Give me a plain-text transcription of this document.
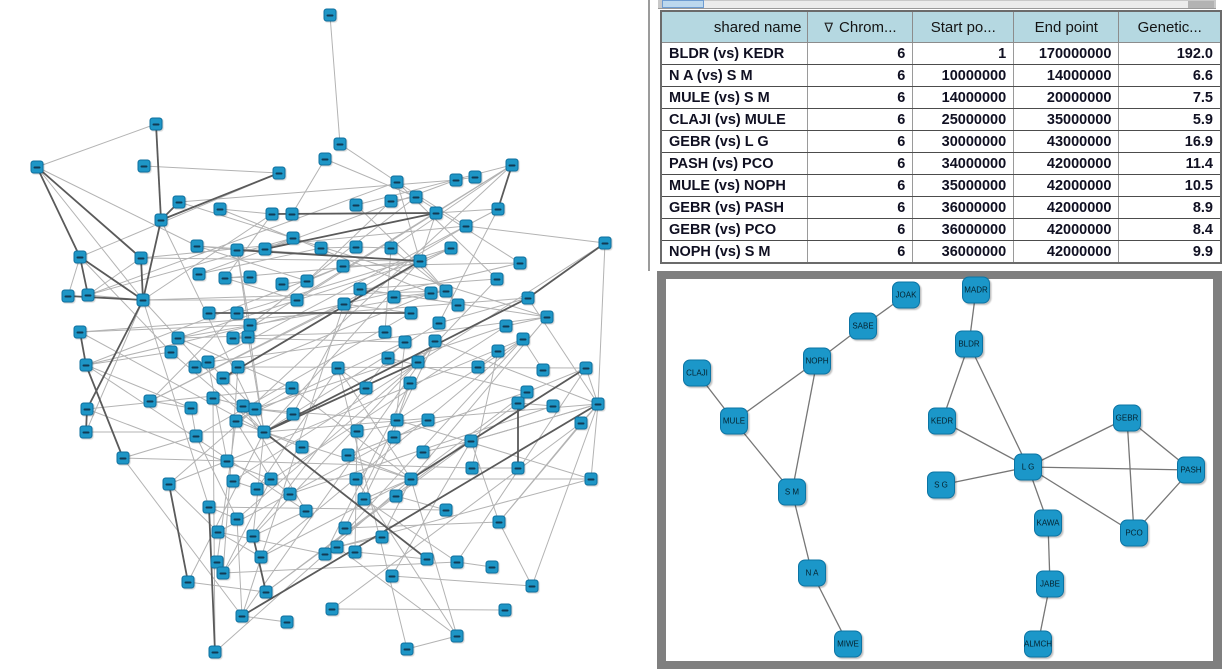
shared name	∇ Chrom...	Start po...	End point	Genetic...
BLDR (vs) KEDR	6	1	170000000	192.0
N A (vs) S M	6	10000000	14000000	6.6
MULE (vs) S M	6	14000000	20000000	7.5
CLAJI (vs) MULE	6	25000000	35000000	5.9
GEBR (vs) L G	6	30000000	43000000	16.9
PASH (vs) PCO	6	34000000	42000000	11.4
MULE (vs) NOPH	6	35000000	42000000	10.5
GEBR (vs) PASH	6	36000000	42000000	8.9
GEBR (vs) PCO	6	36000000	42000000	8.4
NOPH (vs) S M	6	36000000	42000000	9.9
JOAK
MADR
SABE
BLDR
NOPH
CLAJI
MULE	KEDR	GEBR
L G	PASH
S G
S M
KAWA
PCO
N A
JABE
MIWE	ALMCH
